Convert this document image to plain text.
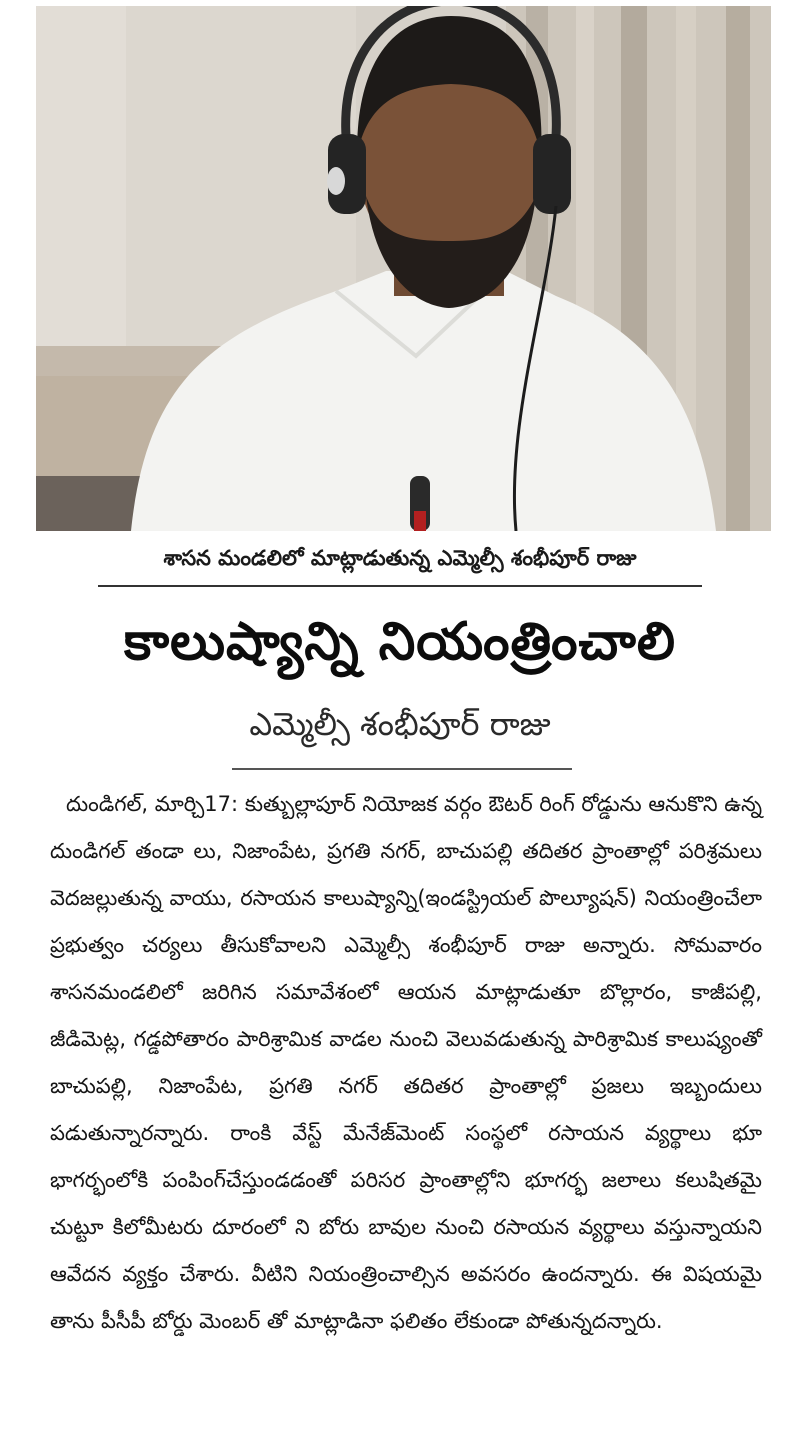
శాసన మండలిలో మాట్లాడుతున్న ఎమ్మెల్సీ శంభీపూర్ రాజు
కాలుష్యాన్ని నియంత్రించాలి
ఎమ్మెల్సీ శంభీపూర్ రాజు

దుండిగల్, మార్చి17: కుత్బుల్లాపూర్ నియోజక వర్గం ఔటర్ రింగ్ రోడ్డును ఆనుకొని ఉన్న దుండిగల్ తండా లు, నిజాంపేట, ప్రగతి నగర్, బాచుపల్లి తదితర ప్రాంతాల్లో పరిశ్రమలు వెదజల్లుతున్న వాయు, రసాయన కాలుష్యాన్ని(ఇండస్ట్రియల్ పొల్యూషన్) నియంత్రించేలా ప్రభుత్వం చర్యలు తీసుకోవాలని ఎమ్మెల్సీ శంభీపూర్ రాజు అన్నారు. సోమవారం శాసనమండలిలో జరిగిన సమావేశంలో ఆయన మాట్లాడుతూ బొల్లారం, కాజీపల్లి, జీడిమెట్ల, గడ్డపోతారం పారిశ్రామిక వాడల నుంచి వెలువడుతున్న పారిశ్రామిక కాలుష్యంతో బాచుపల్లి, నిజాంపేట, ప్రగతి నగర్ తదితర ప్రాంతాల్లో ప్రజలు ఇబ్బందులు పడుతున్నారన్నారు. రాంకి వేస్ట్ మేనేజ్‌మెంట్ సంస్థలో రసాయన వ్యర్థాలు భూ భాగర్భంలోకి పంపింగ్‌చేస్తుండడంతో పరిసర ప్రాంతాల్లోని భూగర్భ జలాలు కలుషితమై చుట్టూ కిలోమీటరు దూరంలో ని బోరు బావుల నుంచి రసాయన వ్యర్థాలు వస్తున్నాయని ఆవేదన వ్యక్తం చేశారు. వీటిని నియంత్రించాల్సిన అవసరం ఉందన్నారు. ఈ విషయమై తాను పీసీపీ బోర్డు మెంబర్ తో మాట్లాడినా ఫలితం లేకుండా పోతున్నదన్నారు.
